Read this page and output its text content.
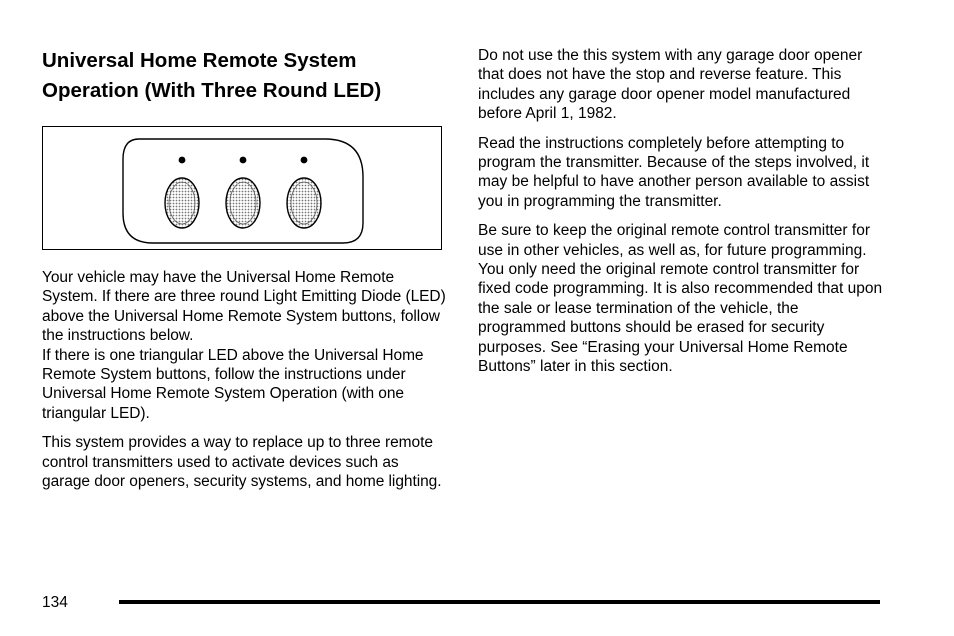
Universal Home Remote System Operation (With Three Round LED)

Your vehicle may have the Universal Home Remote System. If there are three round Light Emitting Diode (LED) above the Universal Home Remote System buttons, follow the instructions below.
If there is one triangular LED above the Universal Home Remote System buttons, follow the instructions under Universal Home Remote System Operation (with one triangular LED).

This system provides a way to replace up to three remote control transmitters used to activate devices such as garage door openers, security systems, and home lighting.

Do not use the this system with any garage door opener that does not have the stop and reverse feature. This includes any garage door opener model manufactured before April 1, 1982.

Read the instructions completely before attempting to program the transmitter. Because of the steps involved, it may be helpful to have another person available to assist you in programming the transmitter.

Be sure to keep the original remote control transmitter for use in other vehicles, as well as, for future programming. You only need the original remote control transmitter for fixed code programming. It is also recommended that upon the sale or lease termination of the vehicle, the programmed buttons should be erased for security purposes. See “Erasing your Universal Home Remote Buttons” later in this section.

134
